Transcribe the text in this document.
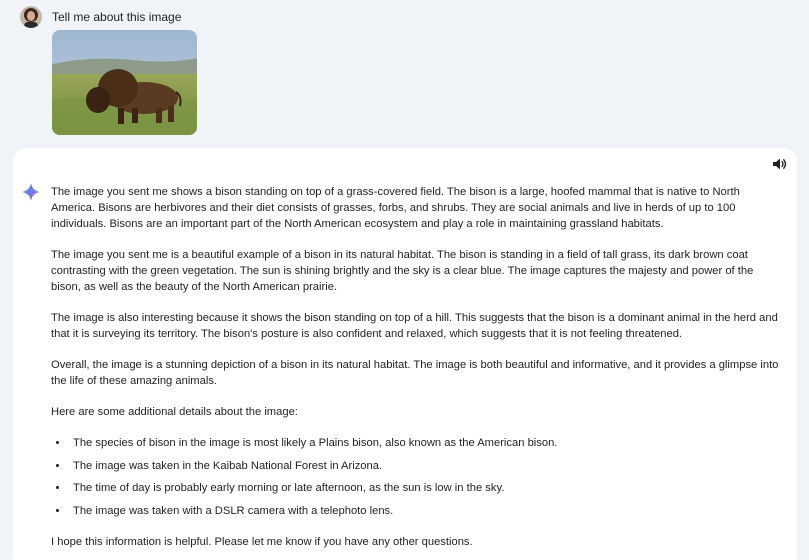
Tell me about this image

The image you sent me shows a bison standing on top of a grass-covered field. The bison is a large, hoofed mammal that is native to North America. Bisons are herbivores and their diet consists of grasses, forbs, and shrubs. They are social animals and live in herds of up to 100 individuals. Bisons are an important part of the North American ecosystem and play a role in maintaining grassland habitats.

The image you sent me is a beautiful example of a bison in its natural habitat. The bison is standing in a field of tall grass, its dark brown coat contrasting with the green vegetation. The sun is shining brightly and the sky is a clear blue. The image captures the majesty and power of the bison, as well as the beauty of the North American prairie.

The image is also interesting because it shows the bison standing on top of a hill. This suggests that the bison is a dominant animal in the herd and that it is surveying its territory. The bison's posture is also confident and relaxed, which suggests that it is not feeling threatened.

Overall, the image is a stunning depiction of a bison in its natural habitat. The image is both beautiful and informative, and it provides a glimpse into the life of these amazing animals.

Here are some additional details about the image:

• The species of bison in the image is most likely a Plains bison, also known as the American bison.
• The image was taken in the Kaibab National Forest in Arizona.
• The time of day is probably early morning or late afternoon, as the sun is low in the sky.
• The image was taken with a DSLR camera with a telephoto lens.

I hope this information is helpful. Please let me know if you have any other questions.
